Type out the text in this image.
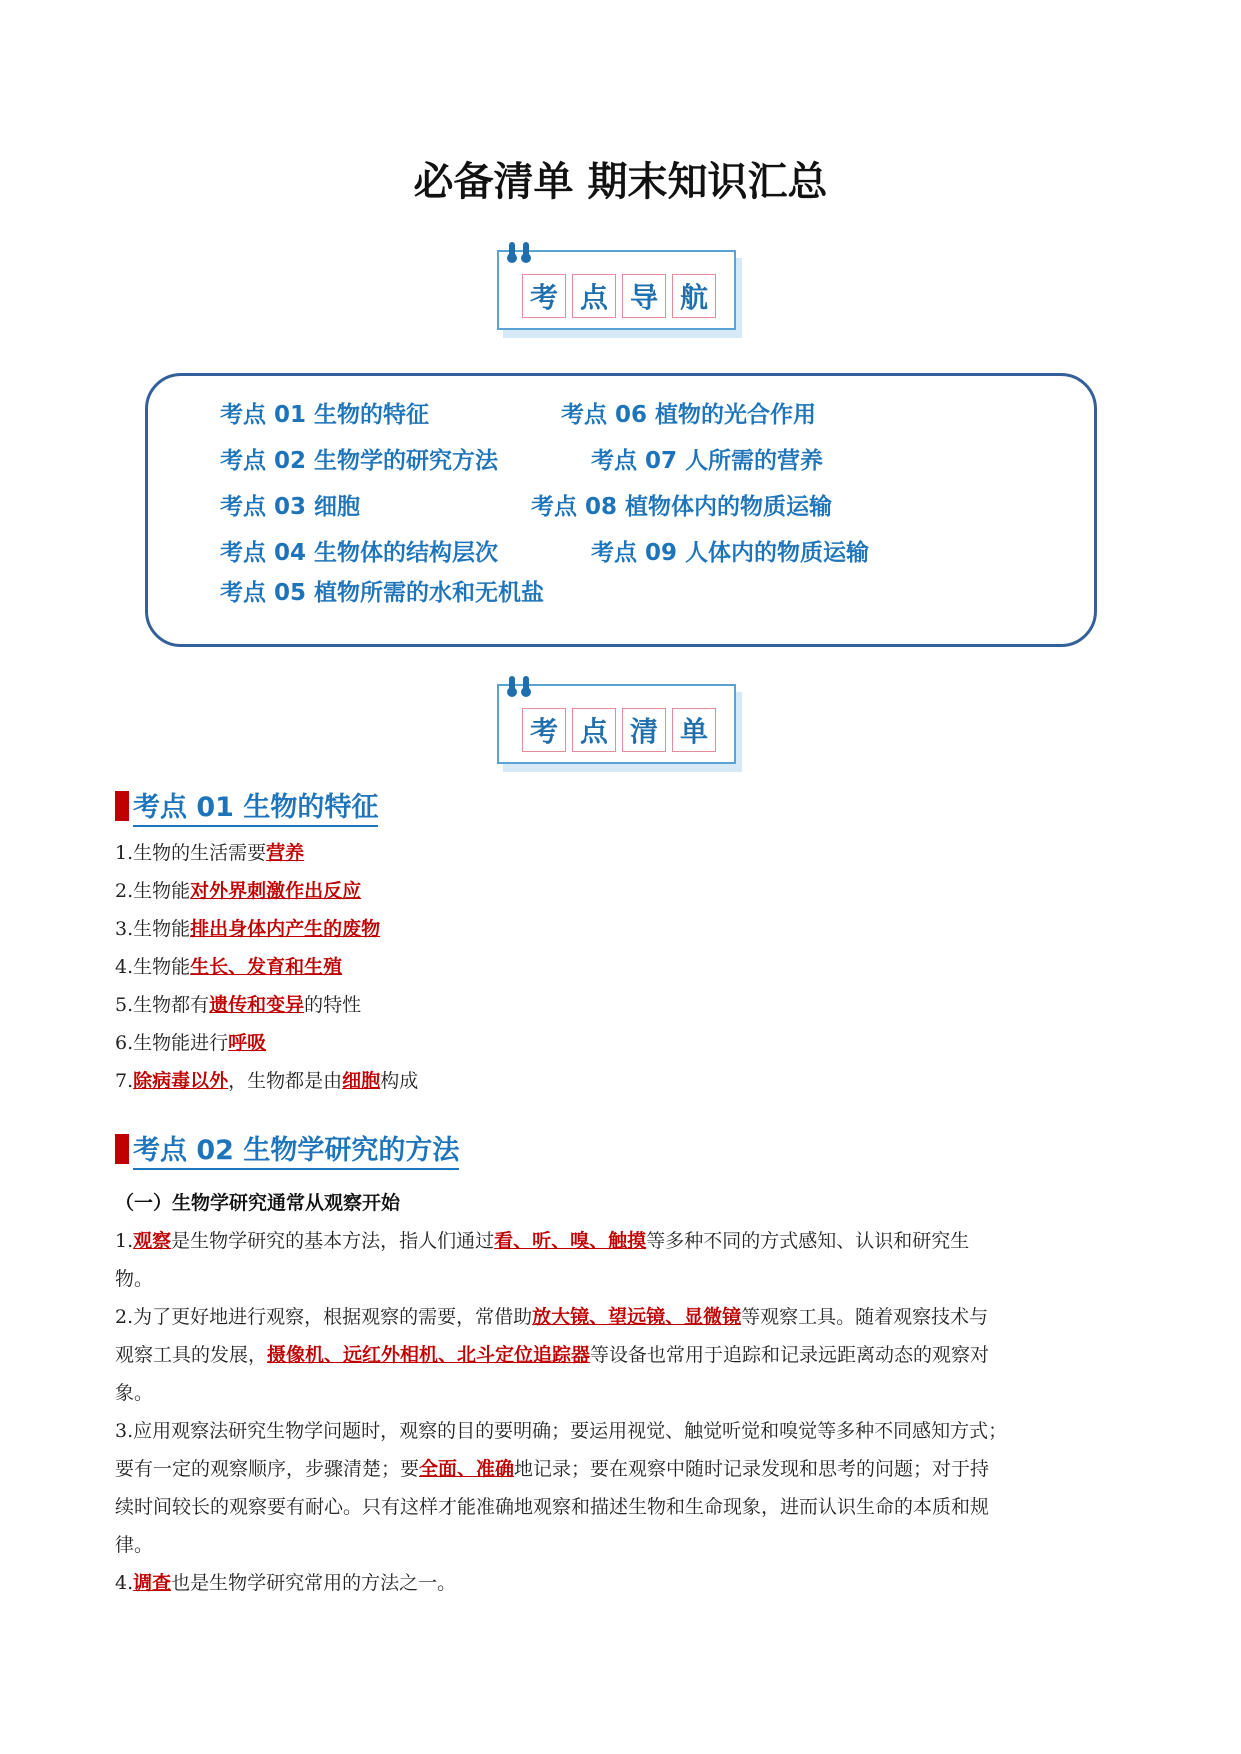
必备清单 期末知识汇总
考 点 导 航
考点 01 生物的特征	考点 06 植物的光合作用
考点 02 生物学的研究方法	考点 07 人所需的营养
考点 03 细胞	考点 08 植物体内的物质运输
考点 04 生物体的结构层次	考点 09 人体内的物质运输
考点 05 植物所需的水和无机盐
考 点 清 单
考点 01 生物的特征
1.生物的生活需要营养
2.生物能对外界刺激作出反应
3.生物能排出身体内产生的废物
4.生物能生长、发育和生殖
5.生物都有遗传和变异的特性
6.生物能进行呼吸
7.除病毒以外，生物都是由细胞构成
考点 02 生物学研究的方法
（一）生物学研究通常从观察开始
1.观察是生物学研究的基本方法，指人们通过看、听、嗅、触摸等多种不同的方式感知、认识和研究生
物。
2.为了更好地进行观察，根据观察的需要，常借助放大镜、望远镜、显微镜等观察工具。随着观察技术与
观察工具的发展，摄像机、远红外相机、北斗定位追踪器等设备也常用于追踪和记录远距离动态的观察对
象。
3.应用观察法研究生物学问题时，观察的目的要明确；要运用视觉、触觉听觉和嗅觉等多种不同感知方式；
要有一定的观察顺序，步骤清楚；要全面、准确地记录；要在观察中随时记录发现和思考的问题；对于持
续时间较长的观察要有耐心。只有这样才能准确地观察和描述生物和生命现象，进而认识生命的本质和规
律。
4.调查也是生物学研究常用的方法之一。
